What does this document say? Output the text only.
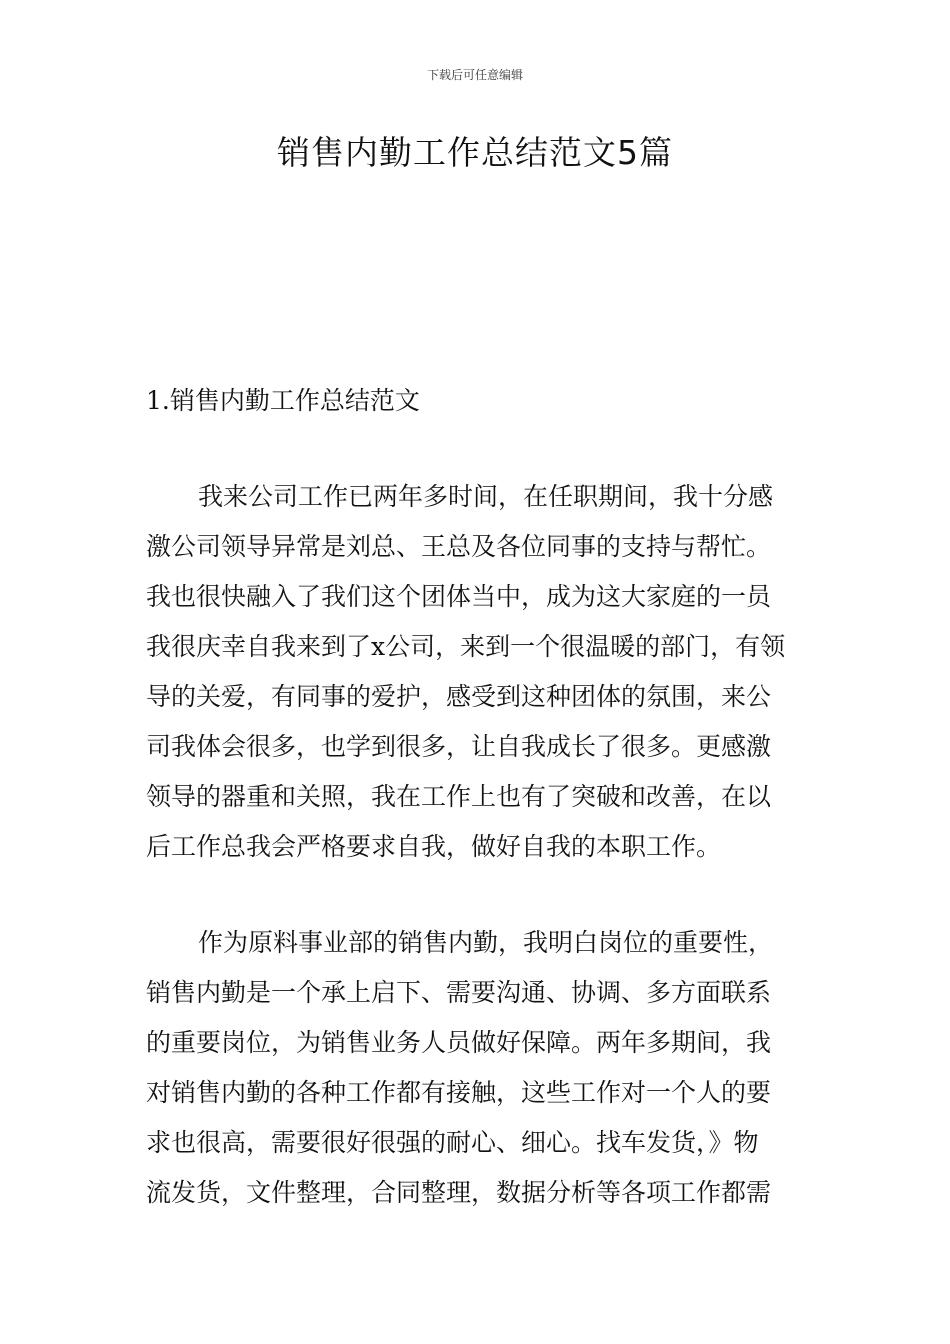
下载后可任意编辑
销售内勤工作总结范文5篇
1.销售内勤工作总结范文
我来公司工作已两年多时间，在任职期间，我十分感
激公司领导异常是刘总、王总及各位同事的支持与帮忙。
我也很快融入了我们这个团体当中，成为这大家庭的一员
我很庆幸自我来到了x公司，来到一个很温暖的部门，有领
导的关爱，有同事的爱护，感受到这种团体的氛围，来公
司我体会很多，也学到很多，让自我成长了很多。更感激
领导的器重和关照，我在工作上也有了突破和改善，在以
后工作总我会严格要求自我，做好自我的本职工作。
作为原料事业部的销售内勤，我明白岗位的重要性，
销售内勤是一个承上启下、需要沟通、协调、多方面联系
的重要岗位，为销售业务人员做好保障。两年多期间，我
对销售内勤的各种工作都有接触，这些工作对一个人的要
求也很高，需要很好很强的耐心、细心。找车发货，》物
流发货，文件整理，合同整理，数据分析等各项工作都需
